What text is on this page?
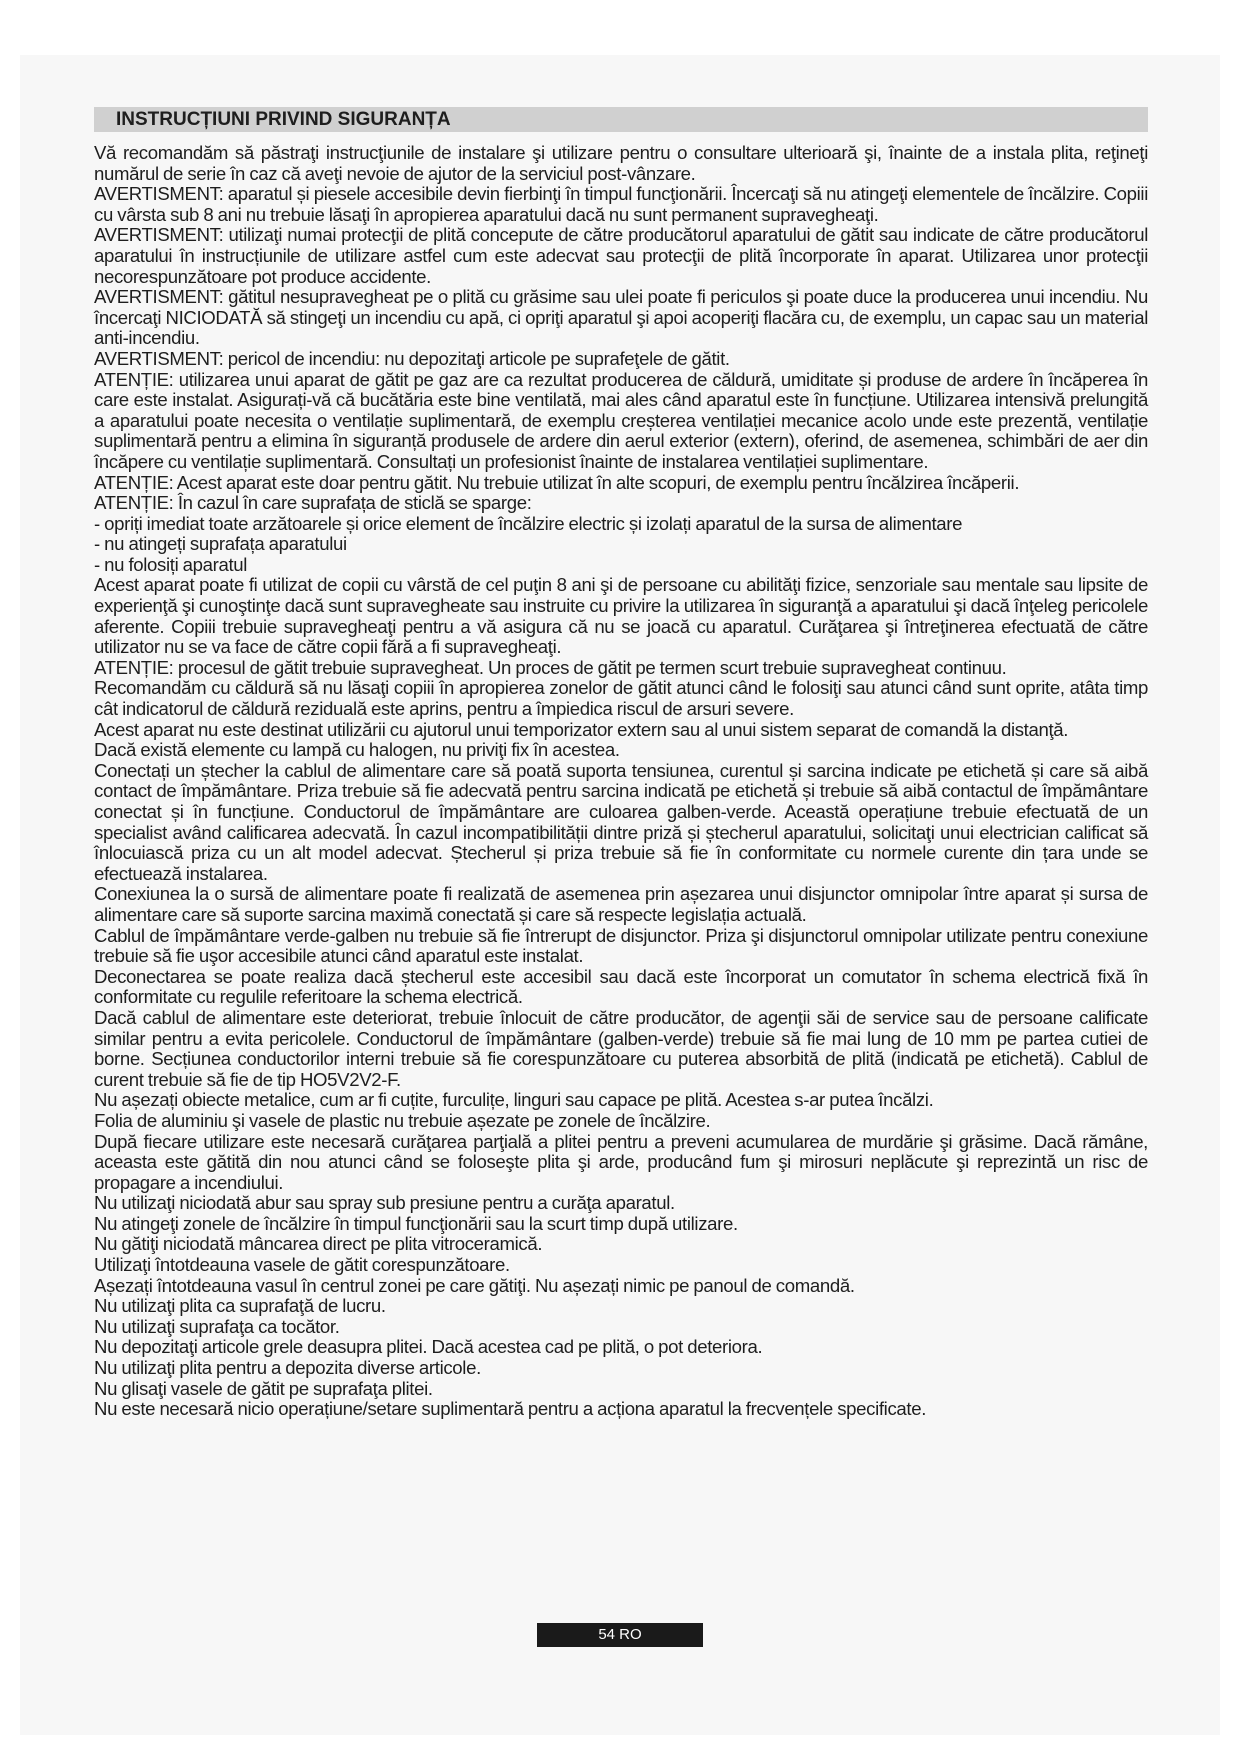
INSTRUCȚIUNI PRIVIND SIGURANȚA

Vă recomandăm să păstraţi instrucţiunile de instalare şi utilizare pentru o consultare ulterioară şi, înainte de a instala plita, reţineţi numărul de serie în caz că aveţi nevoie de ajutor de la serviciul post-vânzare.

AVERTISMENT: aparatul și piesele accesibile devin fierbinţi în timpul funcţionării. Încercaţi să nu atingeţi elementele de încălzire. Copiii cu vârsta sub 8 ani nu trebuie lăsaţi în apropierea aparatului dacă nu sunt permanent supravegheaţi.

AVERTISMENT: utilizaţi numai protecţii de plită concepute de către producătorul aparatului de gătit sau indicate de către producătorul aparatului în instrucțiunile de utilizare astfel cum este adecvat sau protecţii de plită încorporate în aparat. Utilizarea unor protecţii necorespunzătoare pot produce accidente.

AVERTISMENT: gătitul nesupravegheat pe o plită cu grăsime sau ulei poate fi periculos şi poate duce la producerea unui incendiu. Nu încercaţi NICIODATĂ să stingeţi un incendiu cu apă, ci opriţi aparatul şi apoi acoperiţi flacăra cu, de exemplu, un capac sau un material anti-incendiu.

AVERTISMENT: pericol de incendiu: nu depozitaţi articole pe suprafeţele de gătit.

ATENȚIE: utilizarea unui aparat de gătit pe gaz are ca rezultat producerea de căldură, umiditate și produse de ardere în încăperea în care este instalat. Asigurați-vă că bucătăria este bine ventilată, mai ales când aparatul este în funcțiune. Utilizarea intensivă prelungită a aparatului poate necesita o ventilație suplimentară, de exemplu creșterea ventilației mecanice acolo unde este prezentă, ventilație suplimentară pentru a elimina în siguranță produsele de ardere din aerul exterior (extern), oferind, de asemenea, schimbări de aer din încăpere cu ventilație suplimentară. Consultați un profesionist înainte de instalarea ventilației suplimentare.

ATENȚIE: Acest aparat este doar pentru gătit. Nu trebuie utilizat în alte scopuri, de exemplu pentru încălzirea încăperii.

ATENȚIE: În cazul în care suprafața de sticlă se sparge:

- opriți imediat toate arzătoarele și orice element de încălzire electric și izolați aparatul de la sursa de alimentare

- nu atingeți suprafața aparatului

- nu folosiți aparatul

Acest aparat poate fi utilizat de copii cu vârstă de cel puţin 8 ani şi de persoane cu abilităţi fizice, senzoriale sau mentale sau lipsite de experienţă şi cunoştinţe dacă sunt supravegheate sau instruite cu privire la utilizarea în siguranţă a aparatului şi dacă înţeleg pericolele aferente. Copiii trebuie supravegheaţi pentru a vă asigura că nu se joacă cu aparatul. Curăţarea şi întreţinerea efectuată de către utilizator nu se va face de către copii fără a fi supravegheaţi.

ATENȚIE: procesul de gătit trebuie supravegheat. Un proces de gătit pe termen scurt trebuie supravegheat continuu.

Recomandăm cu căldură să nu lăsaţi copiii în apropierea zonelor de gătit atunci când le folosiţi sau atunci când sunt oprite, atâta timp cât indicatorul de căldură reziduală este aprins, pentru a împiedica riscul de arsuri severe.

Acest aparat nu este destinat utilizării cu ajutorul unui temporizator extern sau al unui sistem separat de comandă la distanţă.

Dacă există elemente cu lampă cu halogen, nu priviţi fix în acestea.

Conectați un ștecher la cablul de alimentare care să poată suporta tensiunea, curentul și sarcina indicate pe etichetă și care să aibă contact de împământare. Priza trebuie să fie adecvată pentru sarcina indicată pe etichetă și trebuie să aibă contactul de împământare conectat și în funcțiune. Conductorul de împământare are culoarea galben-verde. Această operațiune trebuie efectuată de un specialist având calificarea adecvată. În cazul incompatibilității dintre priză și ștecherul aparatului, solicitaţi unui electrician calificat să înlocuiască priza cu un alt model adecvat. Ștecherul și priza trebuie să fie în conformitate cu normele curente din țara unde se efectuează instalarea.

Conexiunea la o sursă de alimentare poate fi realizată de asemenea prin așezarea unui disjunctor omnipolar între aparat și sursa de alimentare care să suporte sarcina maximă conectată și care să respecte legislația actuală.

Cablul de împământare verde-galben nu trebuie să fie întrerupt de disjunctor. Priza şi disjunctorul omnipolar utilizate pentru conexiune trebuie să fie uşor accesibile atunci când aparatul este instalat.

Deconectarea se poate realiza dacă ștecherul este accesibil sau dacă este încorporat un comutator în schema electrică fixă în conformitate cu regulile referitoare la schema electrică.

Dacă cablul de alimentare este deteriorat, trebuie înlocuit de către producător, de agenţii săi de service sau de persoane calificate similar pentru a evita pericolele. Conductorul de împământare (galben-verde) trebuie să fie mai lung de 10 mm pe partea cutiei de borne. Secțiunea conductorilor interni trebuie să fie corespunzătoare cu puterea absorbită de plită (indicată pe etichetă). Cablul de curent trebuie să fie de tip HO5V2V2-F.

Nu așezați obiecte metalice, cum ar fi cuțite, furculițe, linguri sau capace pe plită. Acestea s-ar putea încălzi.

Folia de aluminiu şi vasele de plastic nu trebuie așezate pe zonele de încălzire.

După fiecare utilizare este necesară curăţarea parţială a plitei pentru a preveni acumularea de murdărie şi grăsime. Dacă rămâne, aceasta este gătită din nou atunci când se foloseşte plita şi arde, producând fum şi mirosuri neplăcute şi reprezintă un risc de propagare a incendiului.

Nu utilizaţi niciodată abur sau spray sub presiune pentru a curăţa aparatul.

Nu atingeţi zonele de încălzire în timpul funcţionării sau la scurt timp după utilizare.

Nu gătiţi niciodată mâncarea direct pe plita vitroceramică.

Utilizaţi întotdeauna vasele de gătit corespunzătoare.

Așezați întotdeauna vasul în centrul zonei pe care gătiţi. Nu așezați nimic pe panoul de comandă.

Nu utilizaţi plita ca suprafaţă de lucru.

Nu utilizaţi suprafaţa ca tocător.

Nu depozitaţi articole grele deasupra plitei. Dacă acestea cad pe plită, o pot deteriora.

Nu utilizaţi plita pentru a depozita diverse articole.

Nu glisaţi vasele de gătit pe suprafaţa plitei.

Nu este necesară nicio operațiune/setare suplimentară pentru a acționa aparatul la frecvențele specificate.

54 RO
